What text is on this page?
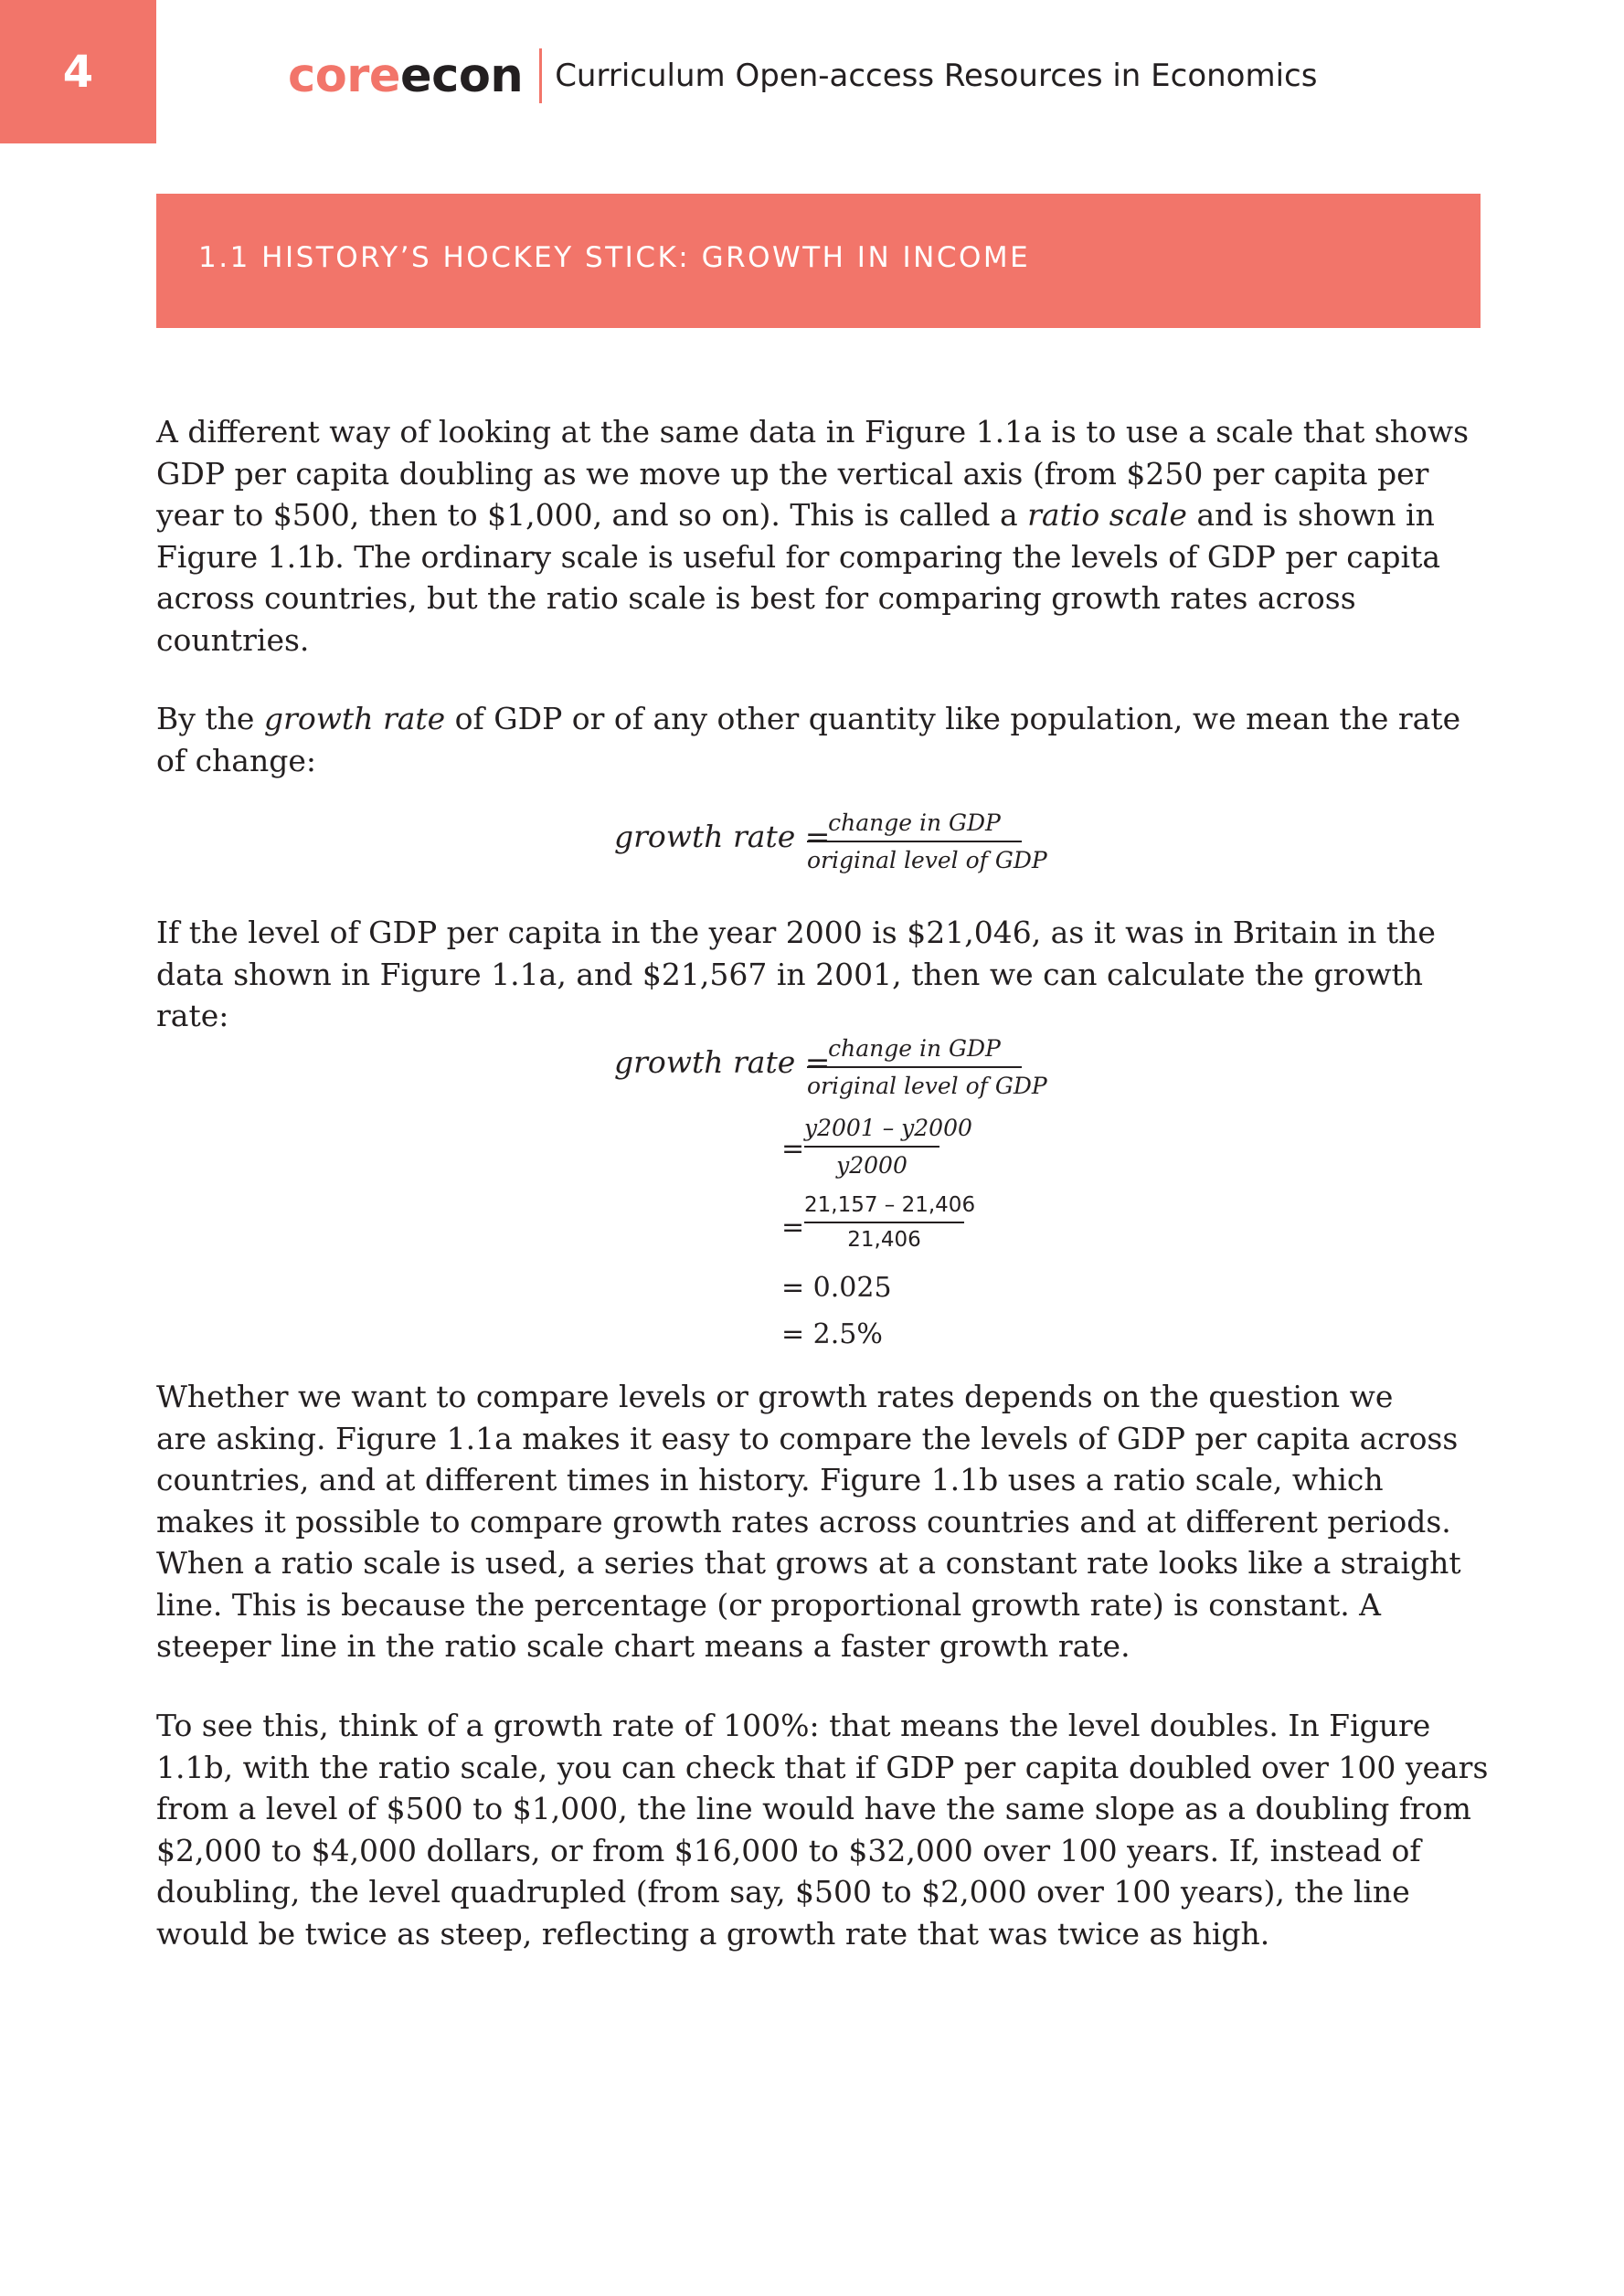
4	coreecon Curriculum Open-access Resources in Economics
1.1 HISTORY’S HOCKEY STICK: GROWTH IN INCOME

A different way of looking at the same data in Figure 1.1a is to use a scale that shows
GDP per capita doubling as we move up the vertical axis (from $250 per capita per
year to $500, then to $1,000, and so on). This is called a ratio scale and is shown in
Figure 1.1b. The ordinary scale is useful for comparing the levels of GDP per capita
across countries, but the ratio scale is best for comparing growth rates across
countries.

By the growth rate of GDP or of any other quantity like population, we mean the rate
of change:

growth rate =
change in GDP
original level of GDP

If the level of GDP per capita in the year 2000 is $21,046, as it was in Britain in the
data shown in Figure 1.1a, and $21,567 in 2001, then we can calculate the growth rate:

growth rate =
change in GDP
original level of GDP
= $\frac{y2001 - y2000}{y2000}$
= $\frac{21,157 - 21,406}{21,406}$
= 0.025
= 2.5%

Whether we want to compare levels or growth rates depends on the question we
are asking. Figure 1.1a makes it easy to compare the levels of GDP per capita across
countries, and at different times in history. Figure 1.1b uses a ratio scale, which
makes it possible to compare growth rates across countries and at different periods.
When a ratio scale is used, a series that grows at a constant rate looks like a straight
line. This is because the percentage (or proportional growth rate) is constant. A
steeper line in the ratio scale chart means a faster growth rate.

To see this, think of a growth rate of 100%: that means the level doubles. In Figure
1.1b, with the ratio scale, you can check that if GDP per capita doubled over 100 years
from a level of $500 to $1,000, the line would have the same slope as a doubling from
$2,000 to $4,000 dollars, or from $16,000 to $32,000 over 100 years. If, instead of
doubling, the level quadrupled (from say, $500 to $2,000 over 100 years), the line
would be twice as steep, reflecting a growth rate that was twice as high.
